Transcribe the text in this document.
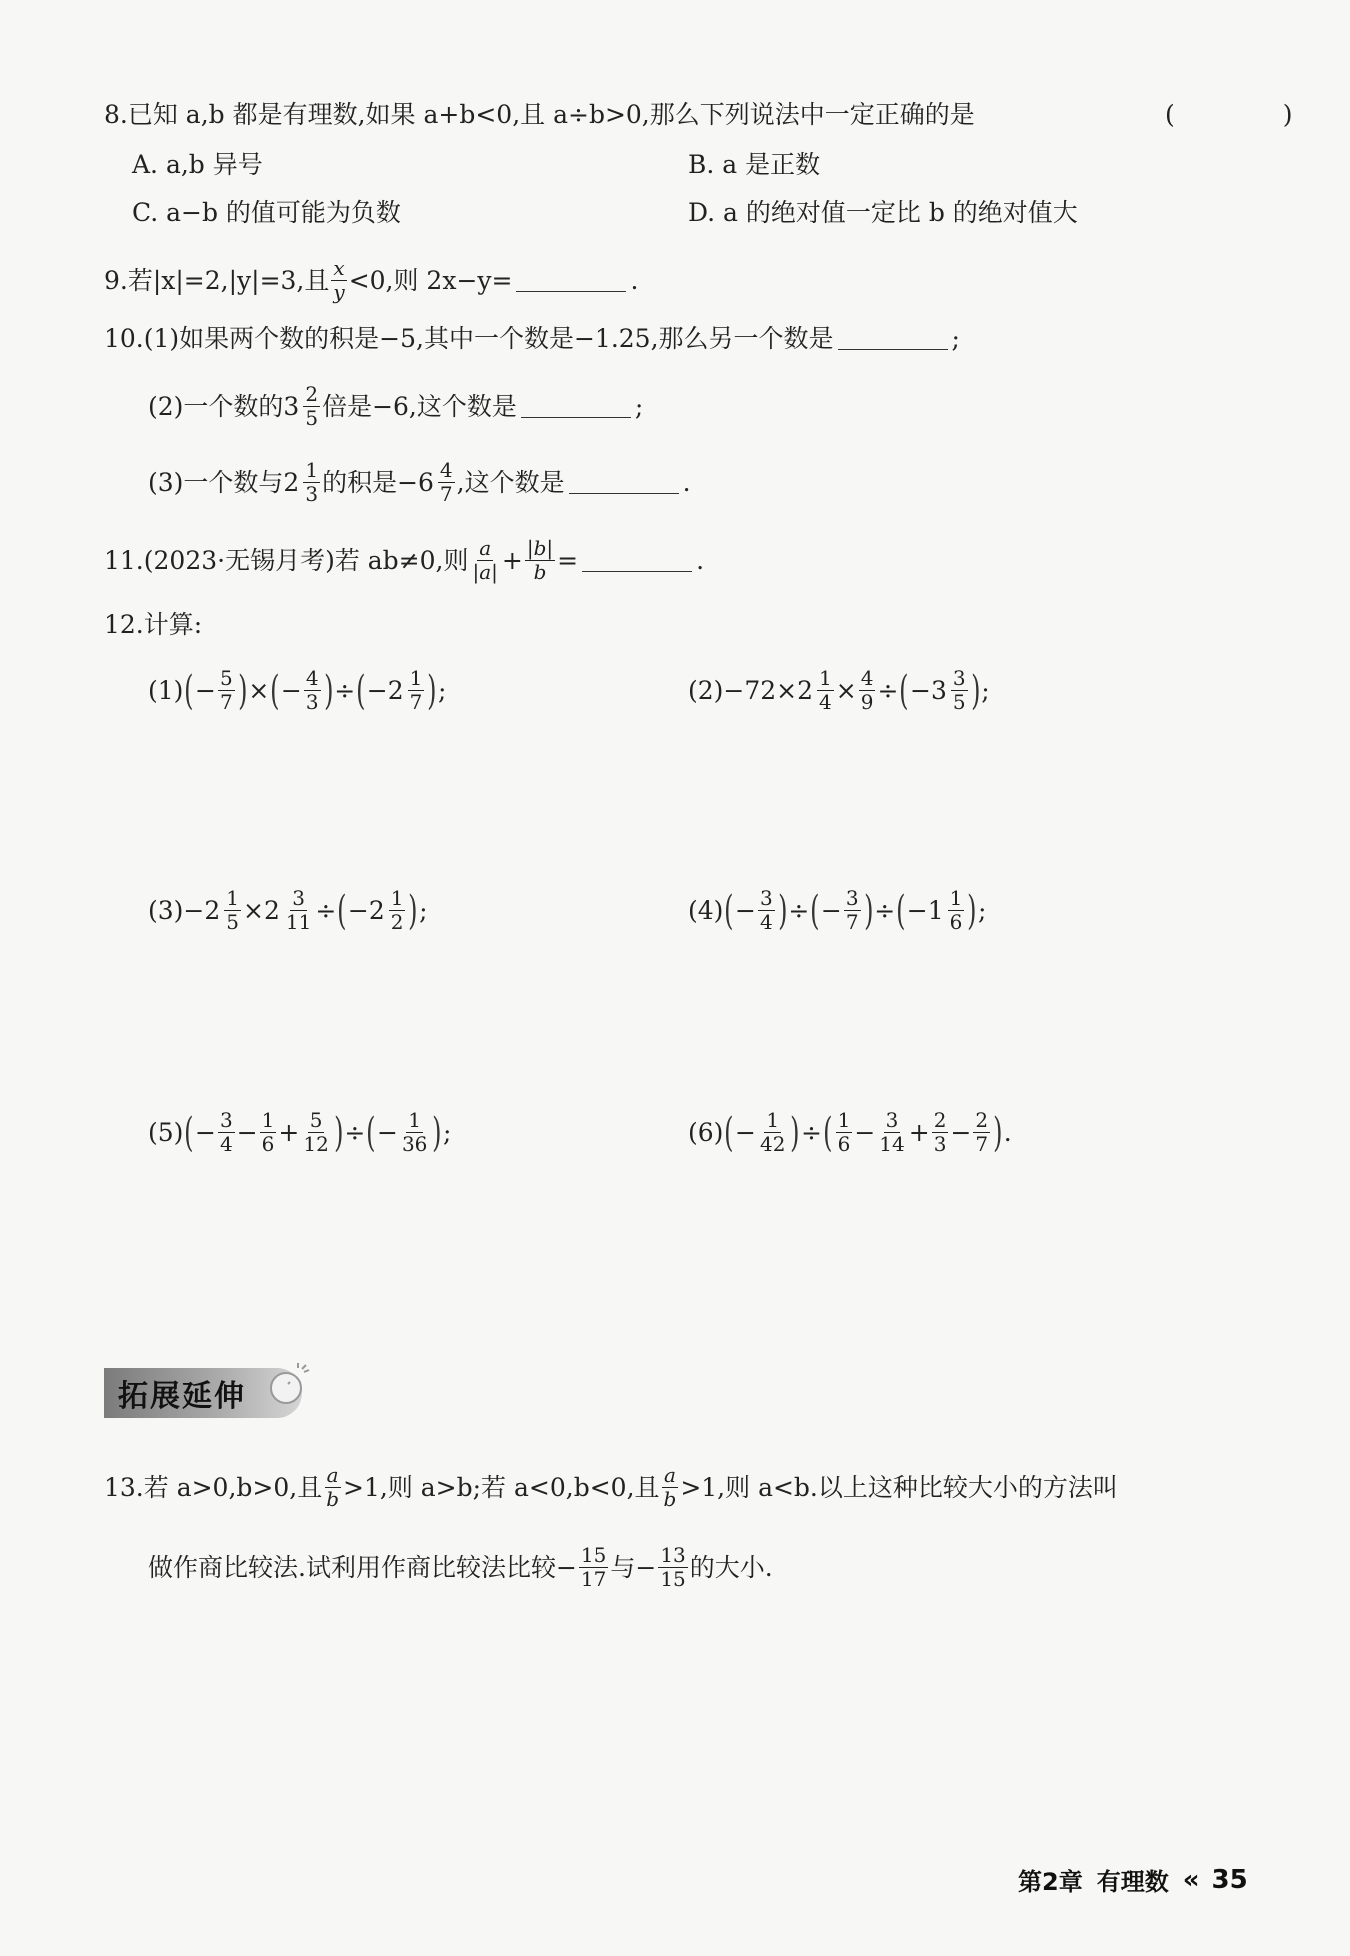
8.已知 a,b 都是有理数,如果 a+b<0,且 a÷b>0,那么下列说法中一定正确的是	( )
A. a,b 异号	B. a 是正数
C. a−b 的值可能为负数	D. a 的绝对值一定比 b 的绝对值大
9.若|x|=2,|y|=3,且 $\frac{x}{y} <0$,则 2x−y=	.
10.(1)如果两个数的积是−5,其中一个数是−1.25,那么另一个数是	;
(2)一个数的 $3 \frac{2}{5}$ 倍是−6,这个数是	;
(3)一个数与 $2 \frac{1}{3}$ 的积是− $6 \frac{4}{7}$ ,这个数是	.
11.(2023·无锡月考)若 ab≠0,则 $\frac{a}{|a|} + \frac{|b|}{b}$ =	.
12.计算:
(1) ( − $\frac{5}{7}$ ) × ( − $\frac{4}{3}$ ) ÷ ( − $2 \frac{1}{7}$ ) ;	$(2)-72\times 2 \frac{1}{4} \times \frac{4}{9}$ ÷ ( − $3 \frac{3}{5}$ ) ;
$(3)- 2 \frac{1}{5} \times 2 \frac{3}{11}$ ÷ ( − $2 \frac{1}{2}$ ) ;	(4) ( − $\frac{3}{4}$ ) ÷ ( − $\frac{3}{7}$ ) ÷ ( − $1 \frac{1}{6}$ ) ;
(5) ( − $\frac{3}{4} - \frac{1}{6} + \frac{5}{12}$ ) ÷ ( − $\frac{1}{36}$ ) ;	(6) ( − $\frac{1}{42}$ ) ÷ ( $\frac{1}{6} - \frac{3}{14} + \frac{2}{3} - \frac{2}{7}$ ) .
拓展延伸
13.若 a>0,b>0,且 $\frac{a}{b} >1$,则 a>b;若 a<0,b<0,且 $\frac{a}{b} >1$,则 a<b.以上这种比较大小的方法叫
做作商比较法.试利用作商比较法比较− $\frac{15}{17}$ 与− $\frac{13}{15}$ 的大小.
第2章 有理数 « 35
